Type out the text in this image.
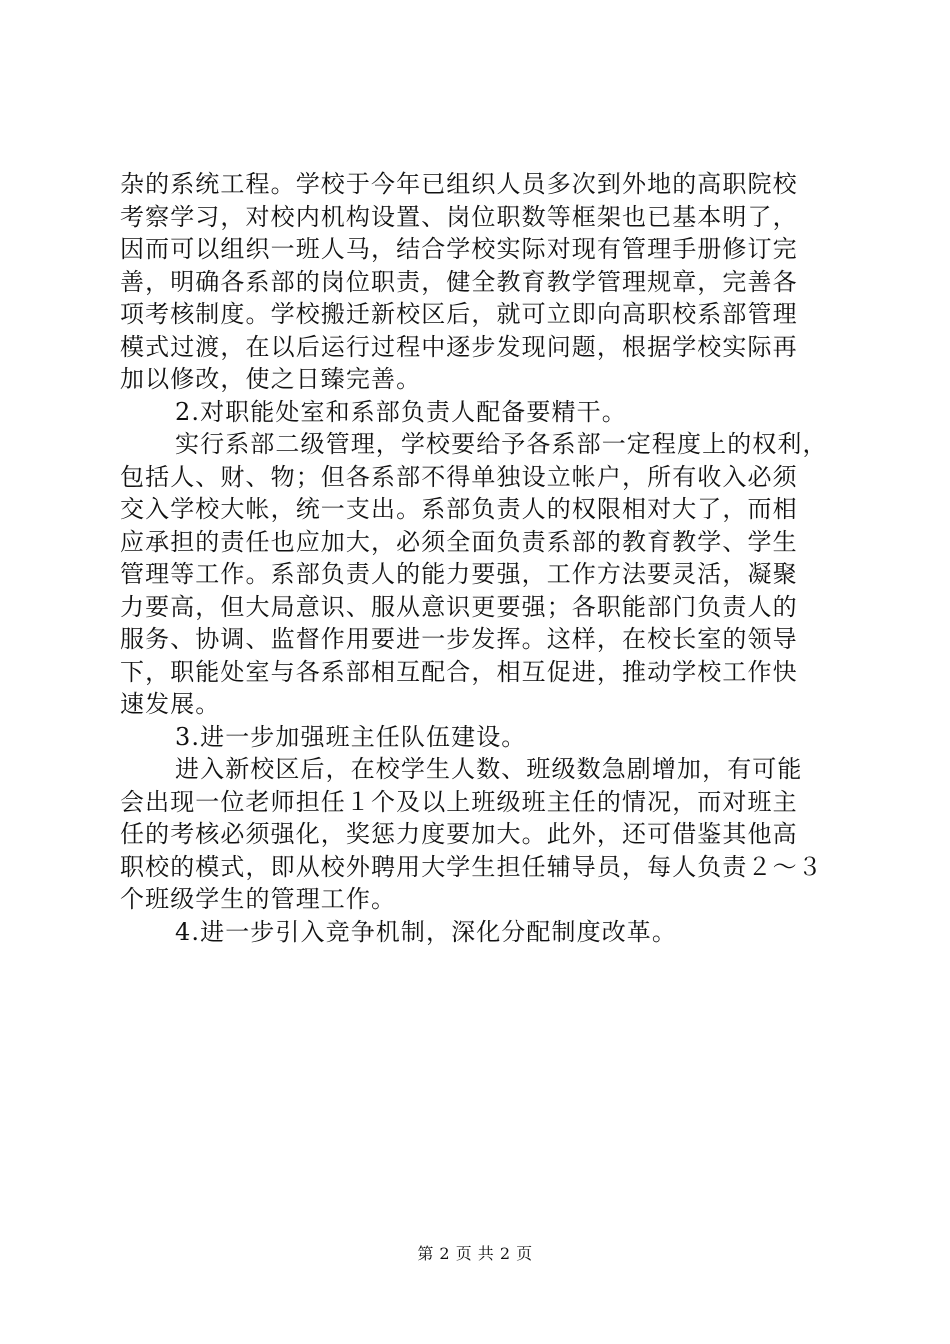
杂的系统工程。学校于今年已组织人员多次到外地的高职院校
考察学习，对校内机构设置、岗位职数等框架也已基本明了，
因而可以组织一班人马，结合学校实际对现有管理手册修订完
善，明确各系部的岗位职责，健全教育教学管理规章，完善各
项考核制度。学校搬迁新校区后，就可立即向高职校系部管理
模式过渡，在以后运行过程中逐步发现问题，根据学校实际再
加以修改，使之日臻完善。
2.对职能处室和系部负责人配备要精干。
实行系部二级管理，学校要给予各系部一定程度上的权利，
包括人、财、物；但各系部不得单独设立帐户，所有收入必须
交入学校大帐，统一支出。系部负责人的权限相对大了，而相
应承担的责任也应加大，必须全面负责系部的教育教学、学生
管理等工作。系部负责人的能力要强，工作方法要灵活，凝聚
力要高，但大局意识、服从意识更要强；各职能部门负责人的
服务、协调、监督作用要进一步发挥。这样，在校长室的领导
下，职能处室与各系部相互配合，相互促进，推动学校工作快
速发展。
3.进一步加强班主任队伍建设。
进入新校区后，在校学生人数、班级数急剧增加，有可能
会出现一位老师担任１个及以上班级班主任的情况，而对班主
任的考核必须强化，奖惩力度要加大。此外，还可借鉴其他高
职校的模式，即从校外聘用大学生担任辅导员，每人负责２～３
个班级学生的管理工作。
4.进一步引入竞争机制，深化分配制度改革。
第 2 页 共 2 页
